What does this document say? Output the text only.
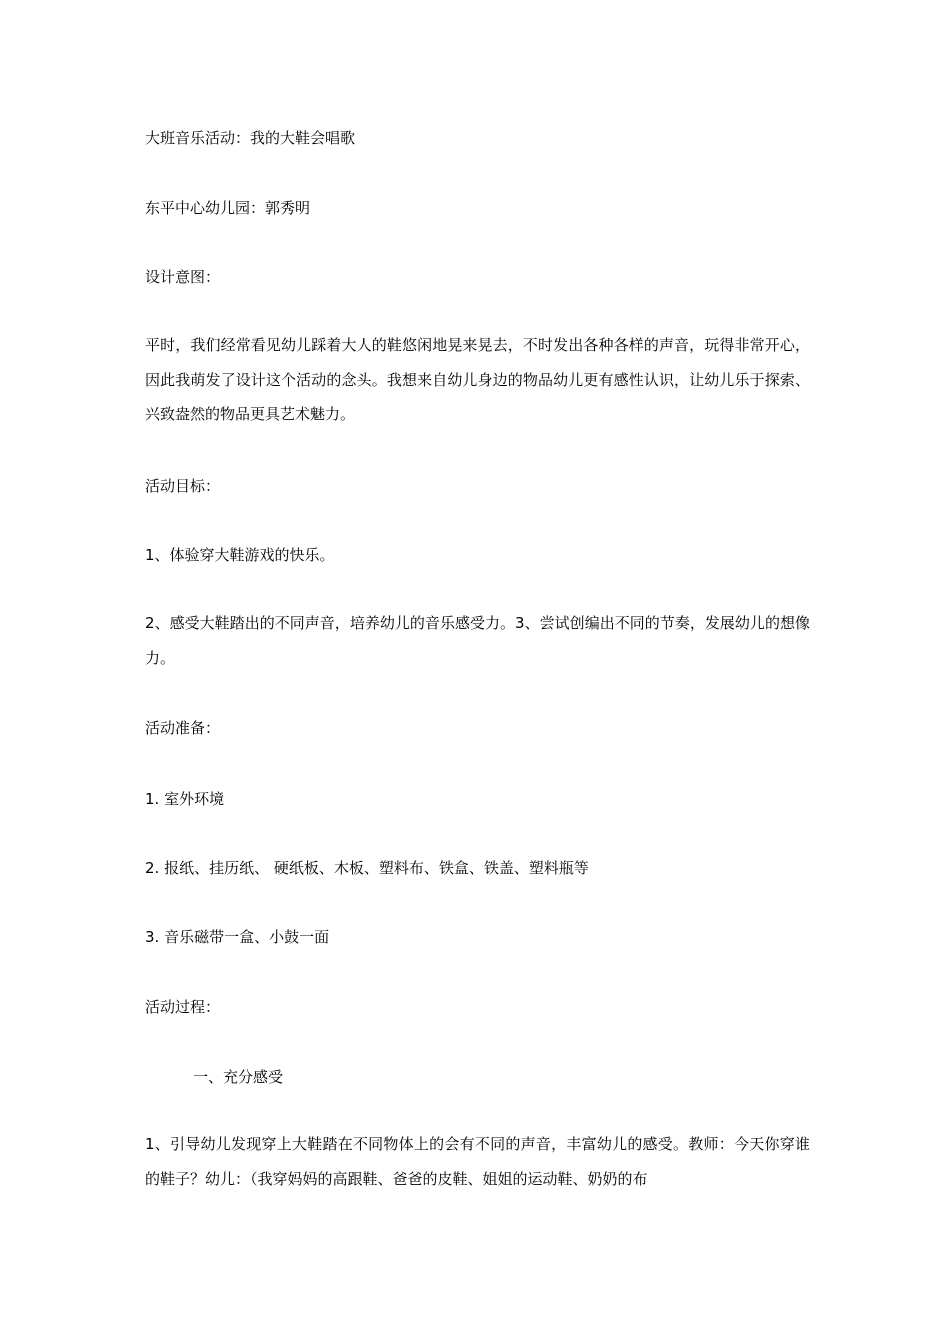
大班音乐活动：我的大鞋会唱歌
东平中心幼儿园：郭秀明
设计意图：
平时，我们经常看见幼儿踩着大人的鞋悠闲地晃来晃去，不时发出各种各样的声音，玩得非常开心，因此我萌发了设计这个活动的念头。我想来自幼儿身边的物品幼儿更有感性认识，让幼儿乐于探索、兴致盎然的物品更具艺术魅力。
活动目标：
1、体验穿大鞋游戏的快乐。
2、感受大鞋踏出的不同声音，培养幼儿的音乐感受力。3、尝试创编出不同的节奏，发展幼儿的想像力。
活动准备：
1. 室外环境
2. 报纸、挂历纸、 硬纸板、木板、塑料布、铁盒、铁盖、塑料瓶等
3. 音乐磁带一盒、小鼓一面
活动过程：
一、充分感受
1、引导幼儿发现穿上大鞋踏在不同物体上的会有不同的声音，丰富幼儿的感受。教师：今天你穿谁的鞋子？幼儿：（我穿妈妈的高跟鞋、爸爸的皮鞋、姐姐的运动鞋、奶奶的布
